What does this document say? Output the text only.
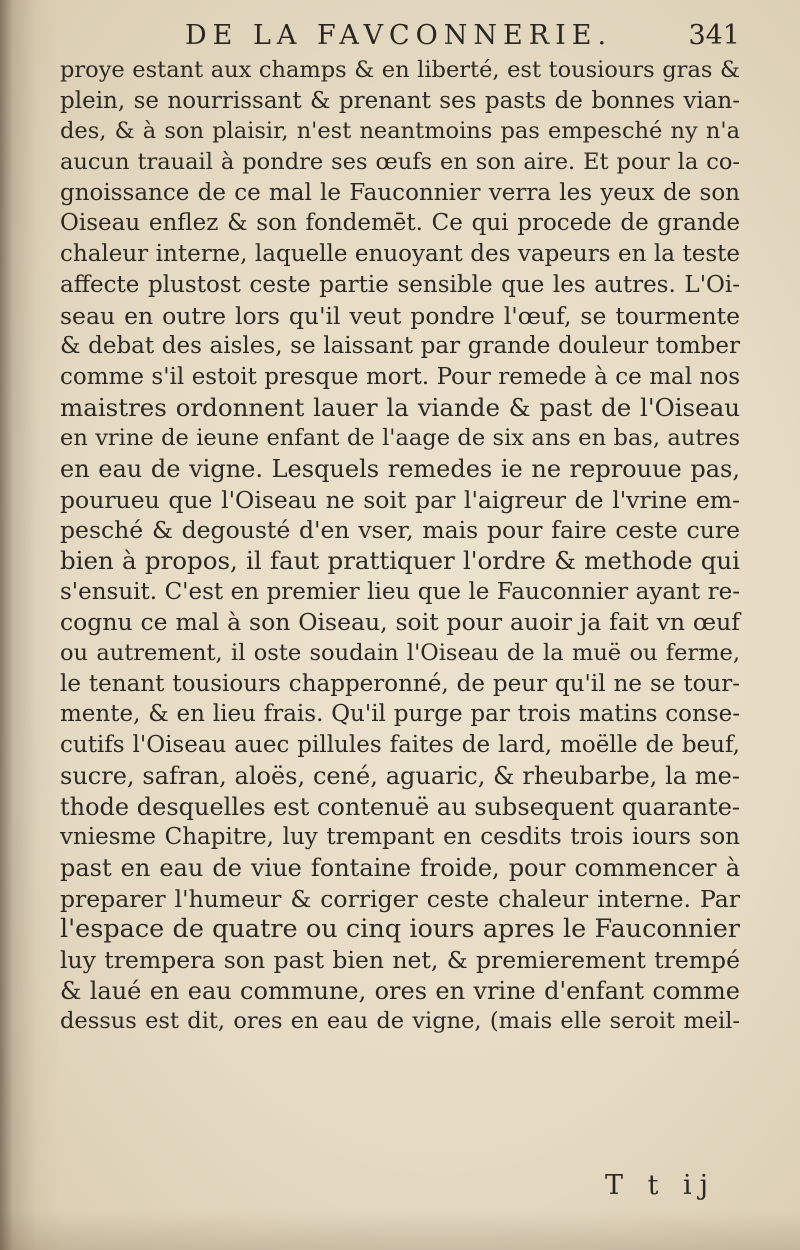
DE LA FAVCONNERIE.	341
proye estant aux champs & en liberté, est tousiours gras &
plein, se nourrissant & prenant ses pasts de bonnes vian-
des, & à son plaisir, n'est neantmoins pas empesché ny n'a
aucun trauail à pondre ses œufs en son aire. Et pour la co-
gnoissance de ce mal le Fauconnier verra les yeux de son
Oiseau enflez & son fondemēt. Ce qui procede de grande
chaleur interne, laquelle enuoyant des vapeurs en la teste
affecte plustost ceste partie sensible que les autres. L'Oi-
seau en outre lors qu'il veut pondre l'œuf, se tourmente
& debat des aisles, se laissant par grande douleur tomber
comme s'il estoit presque mort. Pour remede à ce mal nos
maistres ordonnent lauer la viande & past de l'Oiseau
en vrine de ieune enfant de l'aage de six ans en bas, autres
en eau de vigne. Lesquels remedes ie ne reprouue pas,
pourueu que l'Oiseau ne soit par l'aigreur de l'vrine em-
pesché & degousté d'en vser, mais pour faire ceste cure
bien à propos, il faut prattiquer l'ordre & methode qui
s'ensuit. C'est en premier lieu que le Fauconnier ayant re-
cognu ce mal à son Oiseau, soit pour auoir ja fait vn œuf
ou autrement, il oste soudain l'Oiseau de la muë ou ferme,
le tenant tousiours chapperonné, de peur qu'il ne se tour-
mente, & en lieu frais. Qu'il purge par trois matins conse-
cutifs l'Oiseau auec pillules faites de lard, moëlle de beuf,
sucre, safran, aloës, cené, aguaric, & rheubarbe, la me-
thode desquelles est contenuë au subsequent quarante-
vniesme Chapitre, luy trempant en cesdits trois iours son
past en eau de viue fontaine froide, pour commencer à
preparer l'humeur & corriger ceste chaleur interne. Par
l'espace de quatre ou cinq iours apres le Fauconnier
luy trempera son past bien net, & premierement trempé
& laué en eau commune, ores en vrine d'enfant comme
dessus est dit, ores en eau de vigne, (mais elle seroit meil-
T t ij
